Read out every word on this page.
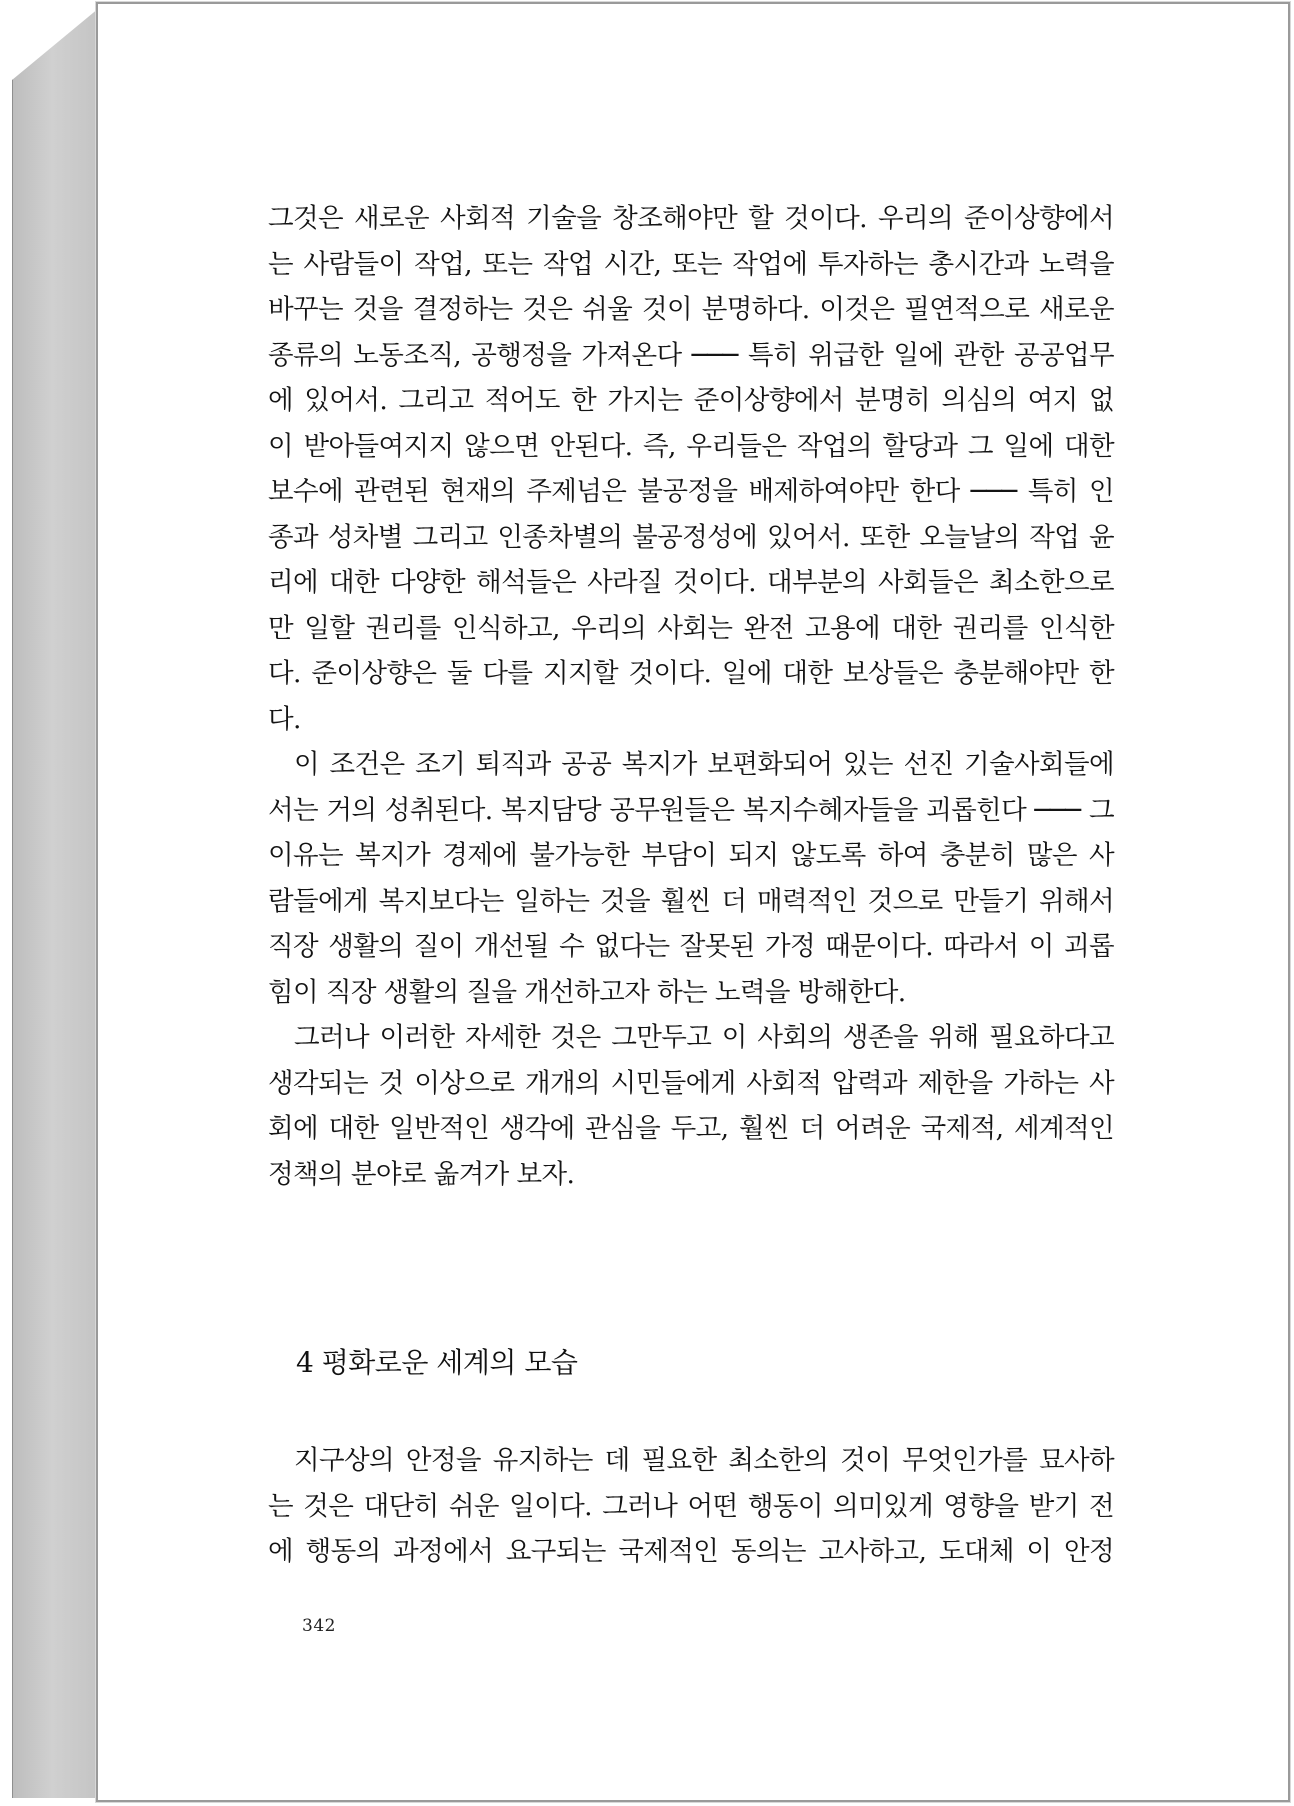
그것은 새로운 사회적 기술을 창조해야만 할 것이다. 우리의 준이상향에서
는 사람들이 작업, 또는 작업 시간, 또는 작업에 투자하는 총시간과 노력을
바꾸는 것을 결정하는 것은 쉬울 것이 분명하다. 이것은 필연적으로 새로운
종류의 노동조직, 공행정을 가져온다 ─── 특히 위급한 일에 관한 공공업무
에 있어서. 그리고 적어도 한 가지는 준이상향에서 분명히 의심의 여지 없
이 받아들여지지 않으면 안된다. 즉, 우리들은 작업의 할당과 그 일에 대한
보수에 관련된 현재의 주제넘은 불공정을 배제하여야만 한다 ─── 특히 인
종과 성차별 그리고 인종차별의 불공정성에 있어서. 또한 오늘날의 작업 윤
리에 대한 다양한 해석들은 사라질 것이다. 대부분의 사회들은 최소한으로
만 일할 권리를 인식하고, 우리의 사회는 완전 고용에 대한 권리를 인식한
다. 준이상향은 둘 다를 지지할 것이다. 일에 대한 보상들은 충분해야만 한
다.

이 조건은 조기 퇴직과 공공 복지가 보편화되어 있는 선진 기술사회들에
서는 거의 성취된다. 복지담당 공무원들은 복지수혜자들을 괴롭힌다 ─── 그
이유는 복지가 경제에 불가능한 부담이 되지 않도록 하여 충분히 많은 사
람들에게 복지보다는 일하는 것을 훨씬 더 매력적인 것으로 만들기 위해서
직장 생활의 질이 개선될 수 없다는 잘못된 가정 때문이다. 따라서 이 괴롭
힘이 직장 생활의 질을 개선하고자 하는 노력을 방해한다.

그러나 이러한 자세한 것은 그만두고 이 사회의 생존을 위해 필요하다고
생각되는 것 이상으로 개개의 시민들에게 사회적 압력과 제한을 가하는 사
회에 대한 일반적인 생각에 관심을 두고, 훨씬 더 어려운 국제적, 세계적인
정책의 분야로 옮겨가 보자.

4 평화로운 세계의 모습

지구상의 안정을 유지하는 데 필요한 최소한의 것이 무엇인가를 묘사하
는 것은 대단히 쉬운 일이다. 그러나 어떤 행동이 의미있게 영향을 받기 전
에 행동의 과정에서 요구되는 국제적인 동의는 고사하고, 도대체 이 안정

342
